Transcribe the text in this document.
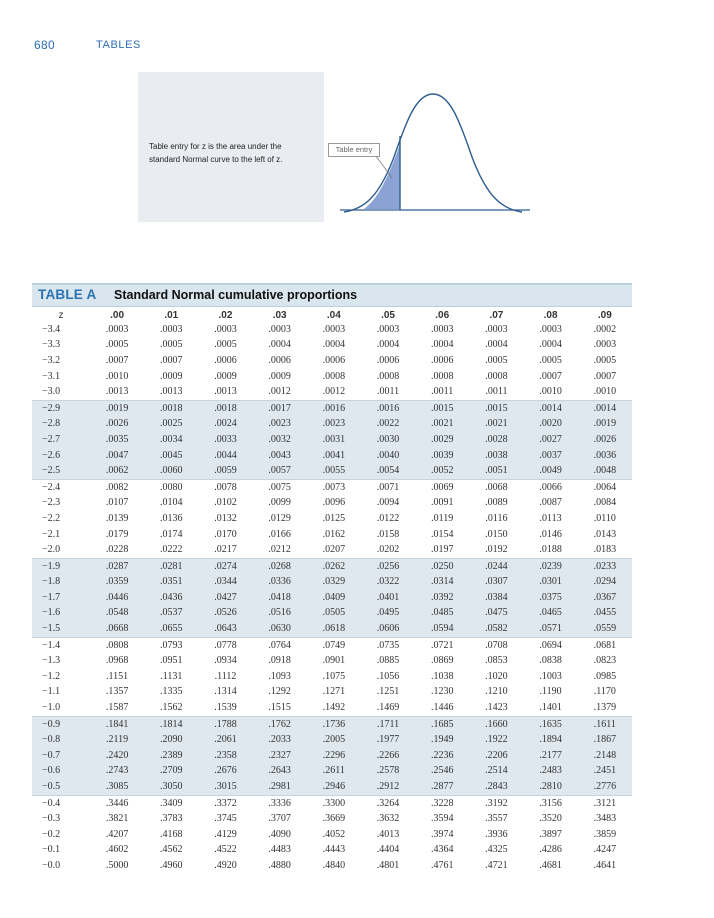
680	TABLES
Table entry for z is the area under the
standard Normal curve to the left of z.
Table entry
TABLE A Standard Normal cumulative proportions
z	.00	.01	.02	.03	.04	.05	.06	.07	.08	.09
−3.4	.0003	.0003	.0003	.0003	.0003	.0003	.0003	.0003	.0003	.0002
−3.3	.0005	.0005	.0005	.0004	.0004	.0004	.0004	.0004	.0004	.0003
−3.2	.0007	.0007	.0006	.0006	.0006	.0006	.0006	.0005	.0005	.0005
−3.1	.0010	.0009	.0009	.0009	.0008	.0008	.0008	.0008	.0007	.0007
−3.0	.0013	.0013	.0013	.0012	.0012	.0011	.0011	.0011	.0010	.0010
−2.9	.0019	.0018	.0018	.0017	.0016	.0016	.0015	.0015	.0014	.0014
−2.8	.0026	.0025	.0024	.0023	.0023	.0022	.0021	.0021	.0020	.0019
−2.7	.0035	.0034	.0033	.0032	.0031	.0030	.0029	.0028	.0027	.0026
−2.6	.0047	.0045	.0044	.0043	.0041	.0040	.0039	.0038	.0037	.0036
−2.5	.0062	.0060	.0059	.0057	.0055	.0054	.0052	.0051	.0049	.0048
−2.4	.0082	.0080	.0078	.0075	.0073	.0071	.0069	.0068	.0066	.0064
−2.3	.0107	.0104	.0102	.0099	.0096	.0094	.0091	.0089	.0087	.0084
−2.2	.0139	.0136	.0132	.0129	.0125	.0122	.0119	.0116	.0113	.0110
−2.1	.0179	.0174	.0170	.0166	.0162	.0158	.0154	.0150	.0146	.0143
−2.0	.0228	.0222	.0217	.0212	.0207	.0202	.0197	.0192	.0188	.0183
−1.9	.0287	.0281	.0274	.0268	.0262	.0256	.0250	.0244	.0239	.0233
−1.8	.0359	.0351	.0344	.0336	.0329	.0322	.0314	.0307	.0301	.0294
−1.7	.0446	.0436	.0427	.0418	.0409	.0401	.0392	.0384	.0375	.0367
−1.6	.0548	.0537	.0526	.0516	.0505	.0495	.0485	.0475	.0465	.0455
−1.5	.0668	.0655	.0643	.0630	.0618	.0606	.0594	.0582	.0571	.0559
−1.4	.0808	.0793	.0778	.0764	.0749	.0735	.0721	.0708	.0694	.0681
−1.3	.0968	.0951	.0934	.0918	.0901	.0885	.0869	.0853	.0838	.0823
−1.2	.1151	.1131	.1112	.1093	.1075	.1056	.1038	.1020	.1003	.0985
−1.1	.1357	.1335	.1314	.1292	.1271	.1251	.1230	.1210	.1190	.1170
−1.0	.1587	.1562	.1539	.1515	.1492	.1469	.1446	.1423	.1401	.1379
−0.9	.1841	.1814	.1788	.1762	.1736	.1711	.1685	.1660	.1635	.1611
−0.8	.2119	.2090	.2061	.2033	.2005	.1977	.1949	.1922	.1894	.1867
−0.7	.2420	.2389	.2358	.2327	.2296	.2266	.2236	.2206	.2177	.2148
−0.6	.2743	.2709	.2676	.2643	.2611	.2578	.2546	.2514	.2483	.2451
−0.5	.3085	.3050	.3015	.2981	.2946	.2912	.2877	.2843	.2810	.2776
−0.4	.3446	.3409	.3372	.3336	.3300	.3264	.3228	.3192	.3156	.3121
−0.3	.3821	.3783	.3745	.3707	.3669	.3632	.3594	.3557	.3520	.3483
−0.2	.4207	.4168	.4129	.4090	.4052	.4013	.3974	.3936	.3897	.3859
−0.1	.4602	.4562	.4522	.4483	.4443	.4404	.4364	.4325	.4286	.4247
−0.0	.5000	.4960	.4920	.4880	.4840	.4801	.4761	.4721	.4681	.4641
